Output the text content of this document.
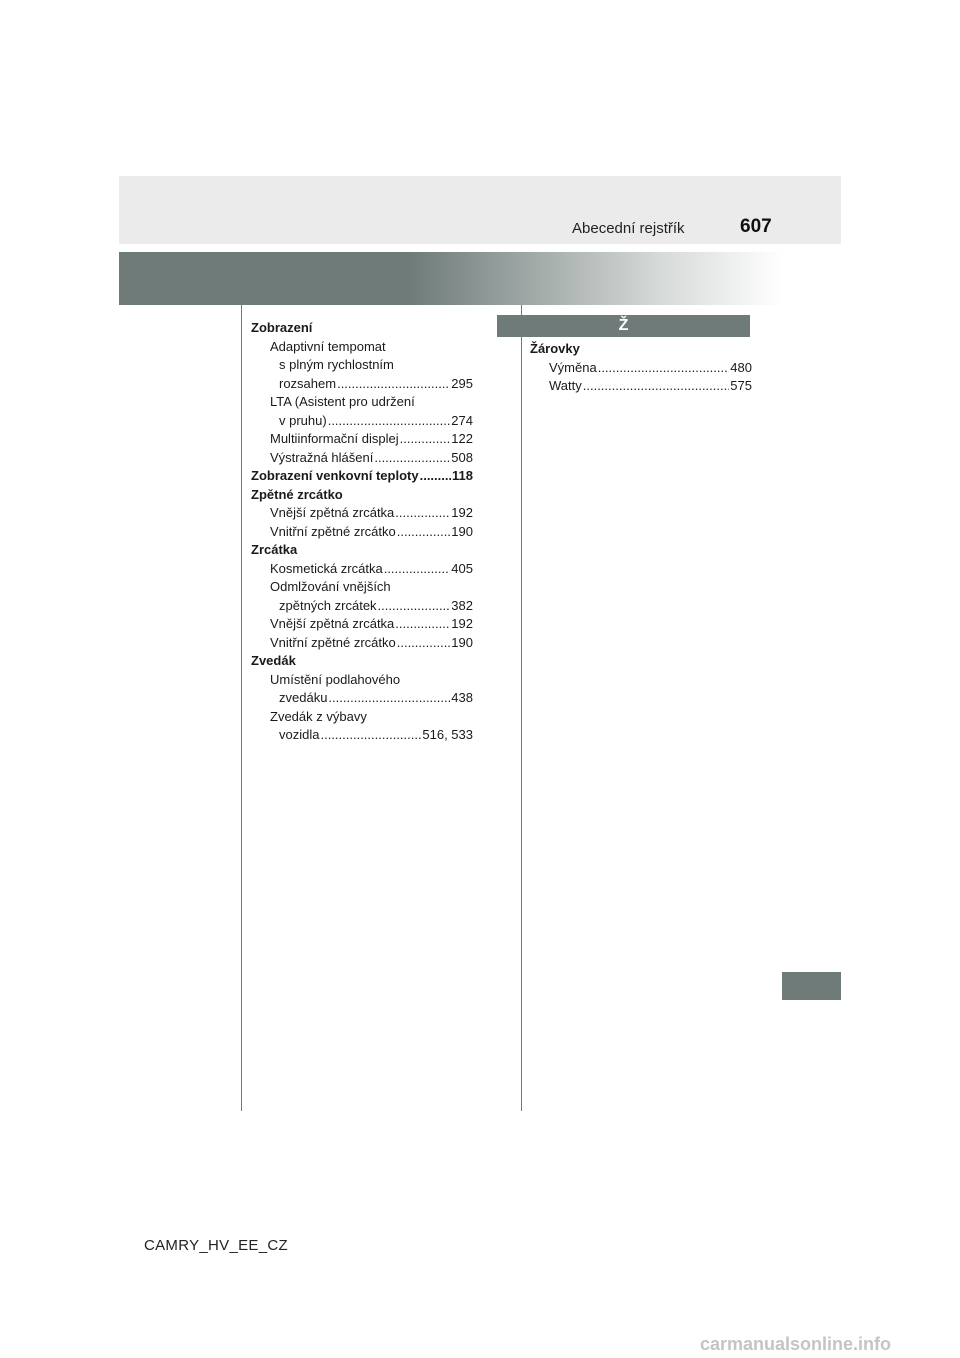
Abecední rejstřík	607
Zobrazení
Adaptivní tempomat
s plným rychlostním
rozsahem .....	295
LTA (Asistent pro udržení
v pruhu) .....	274
Multiinformační displej .....	122
Výstražná hlášení .....	508
Zobrazení venkovní teploty .....	118
Zpětné zrcátko
Vnější zpětná zrcátka .....	192
Vnitřní zpětné zrcátko .....	190
Zrcátka
Kosmetická zrcátka .....	405
Odmlžování vnějších
zpětných zrcátek .....	382
Vnější zpětná zrcátka .....	192
Vnitřní zpětné zrcátko .....	190
Zvedák
Umístění podlahového
zvedáku .....	438
Zvedák z výbavy
vozidla .....	516, 533
Ž
Žárovky
Výměna .....	480
Watty .....	575
CAMRY_HV_EE_CZ
carmanualsonline.info
